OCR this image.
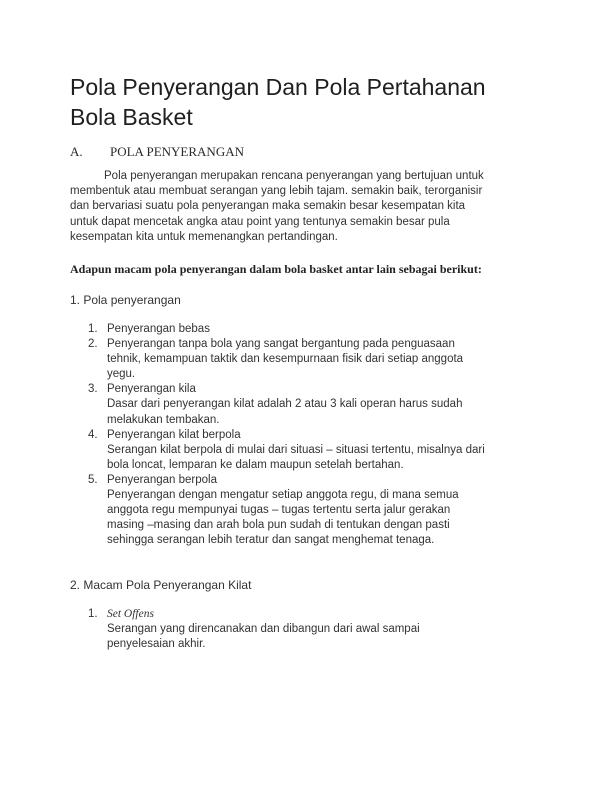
Pola Penyerangan Dan Pola Pertahanan
Bola Basket
A. POLA PENYERANGAN
Pola penyerangan merupakan rencana penyerangan yang bertujuan untuk
membentuk atau membuat serangan yang lebih tajam. semakin baik, terorganisir
dan bervariasi suatu pola penyerangan maka semakin besar kesempatan kita
untuk dapat mencetak angka atau point yang tentunya semakin besar pula
kesempatan kita untuk memenangkan pertandingan.
Adapun macam pola penyerangan dalam bola basket antar lain sebagai berikut:
1. Pola penyerangan
1. Penyerangan bebas
2. Penyerangan tanpa bola yang sangat bergantung pada penguasaan
tehnik, kemampuan taktik dan kesempurnaan fisik dari setiap anggota
yegu.
3. Penyerangan kila
Dasar dari penyerangan kilat adalah 2 atau 3 kali operan harus sudah
melakukan tembakan.
4. Penyerangan kilat berpola
Serangan kilat berpola di mulai dari situasi – situasi tertentu, misalnya dari
bola loncat, lemparan ke dalam maupun setelah bertahan.
5. Penyerangan berpola
Penyerangan dengan mengatur setiap anggota regu, di mana semua
anggota regu mempunyai tugas – tugas tertentu serta jalur gerakan
masing –masing dan arah bola pun sudah di tentukan dengan pasti
sehingga serangan lebih teratur dan sangat menghemat tenaga.
2. Macam Pola Penyerangan Kilat
1. Set Offens
Serangan yang direncanakan dan dibangun dari awal sampai
penyelesaian akhir.
